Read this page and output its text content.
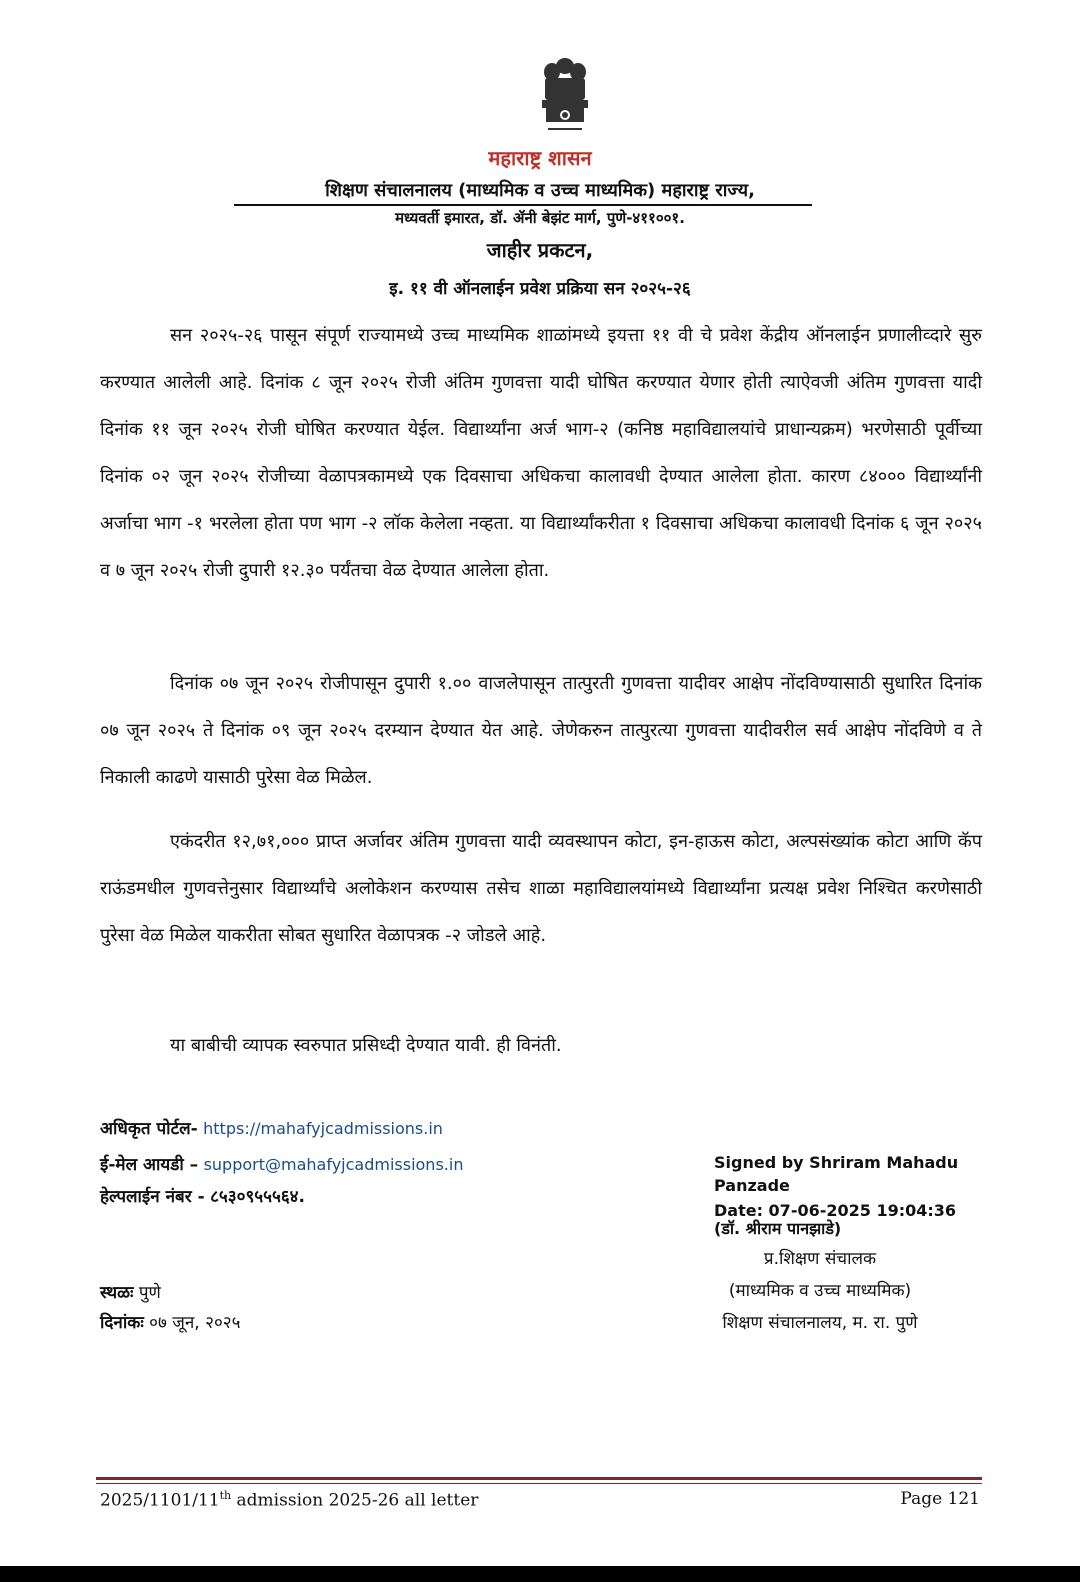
महाराष्ट्र शासन
शिक्षण संचालनालय (माध्यमिक व उच्च माध्यमिक) महाराष्ट्र राज्य,
मध्यवर्ती इमारत, डॉ. ॲनी बेझंट मार्ग, पुणे-४११००१.
जाहीर प्रकटन,
इ. ११ वी ऑनलाईन प्रवेश प्रक्रिया सन २०२५-२६

सन २०२५-२६ पासून संपूर्ण राज्यामध्ये उच्च माध्यमिक शाळांमध्ये इयत्ता ११ वी चे प्रवेश केंद्रीय ऑनलाईन प्रणालीव्दारे सुरु करण्यात आलेली आहे. दिनांक ८ जून २०२५ रोजी अंतिम गुणवत्ता यादी घोषित करण्यात येणार होती त्याऐवजी अंतिम गुणवत्ता यादी दिनांक ११ जून २०२५ रोजी घोषित करण्यात येईल. विद्यार्थ्यांना अर्ज भाग-२ (कनिष्ठ महाविद्यालयांचे प्राधान्यक्रम) भरणेसाठी पूर्वीच्या दिनांक ०२ जून २०२५ रोजीच्या वेळापत्रकामध्ये एक दिवसाचा अधिकचा कालावधी देण्यात आलेला होता. कारण ८४००० विद्यार्थ्यांनी अर्जाचा भाग -१ भरलेला होता पण भाग -२ लॉक केलेला नव्हता. या विद्यार्थ्यांकरीता १ दिवसाचा अधिकचा कालावधी दिनांक ६ जून २०२५ व ७ जून २०२५ रोजी दुपारी १२.३० पर्यंतचा वेळ देण्यात आलेला होता.

दिनांक ०७ जून २०२५ रोजीपासून दुपारी १.०० वाजलेपासून तात्पुरती गुणवत्ता यादीवर आक्षेप नोंदविण्यासाठी सुधारित दिनांक ०७ जून २०२५ ते दिनांक ०९ जून २०२५ दरम्यान देण्यात येत आहे. जेणेकरुन तात्पुरत्या गुणवत्ता यादीवरील सर्व आक्षेप नोंदविणे व ते निकाली काढणे यासाठी पुरेसा वेळ मिळेल.

एकंदरीत १२,७१,००० प्राप्त अर्जावर अंतिम गुणवत्ता यादी व्यवस्थापन कोटा, इन-हाऊस कोटा, अल्पसंख्यांक कोटा आणि कॅप राऊंडमधील गुणवत्तेनुसार विद्यार्थ्यांचे अलोकेशन करण्यास तसेच शाळा महाविद्यालयांमध्ये विद्यार्थ्यांना प्रत्यक्ष प्रवेश निश्चित करणेसाठी पुरेसा वेळ मिळेल याकरीता सोबत सुधारित वेळापत्रक -२ जोडले आहे.

या बाबीची व्यापक स्वरुपात प्रसिध्दी देण्यात यावी. ही विनंती.

अधिकृत पोर्टल- https://mahafyjcadmissions.in
ई-मेल आयडी – support@mahafyjcadmissions.in
हेल्पलाईन नंबर - ८५३०९५५५६४.
Signed by Shriram Mahadu Panzade
Date: 07-06-2025 19:04:36
(डॉ. श्रीराम पानझाडे)
प्र.शिक्षण संचालक
(माध्यमिक व उच्च माध्यमिक)
शिक्षण संचालनालय, म. रा. पुणे
स्थळः पुणे
दिनांकः ०७ जून, २०२५
2025/1101/11th admission 2025-26 all letter	Page 121
